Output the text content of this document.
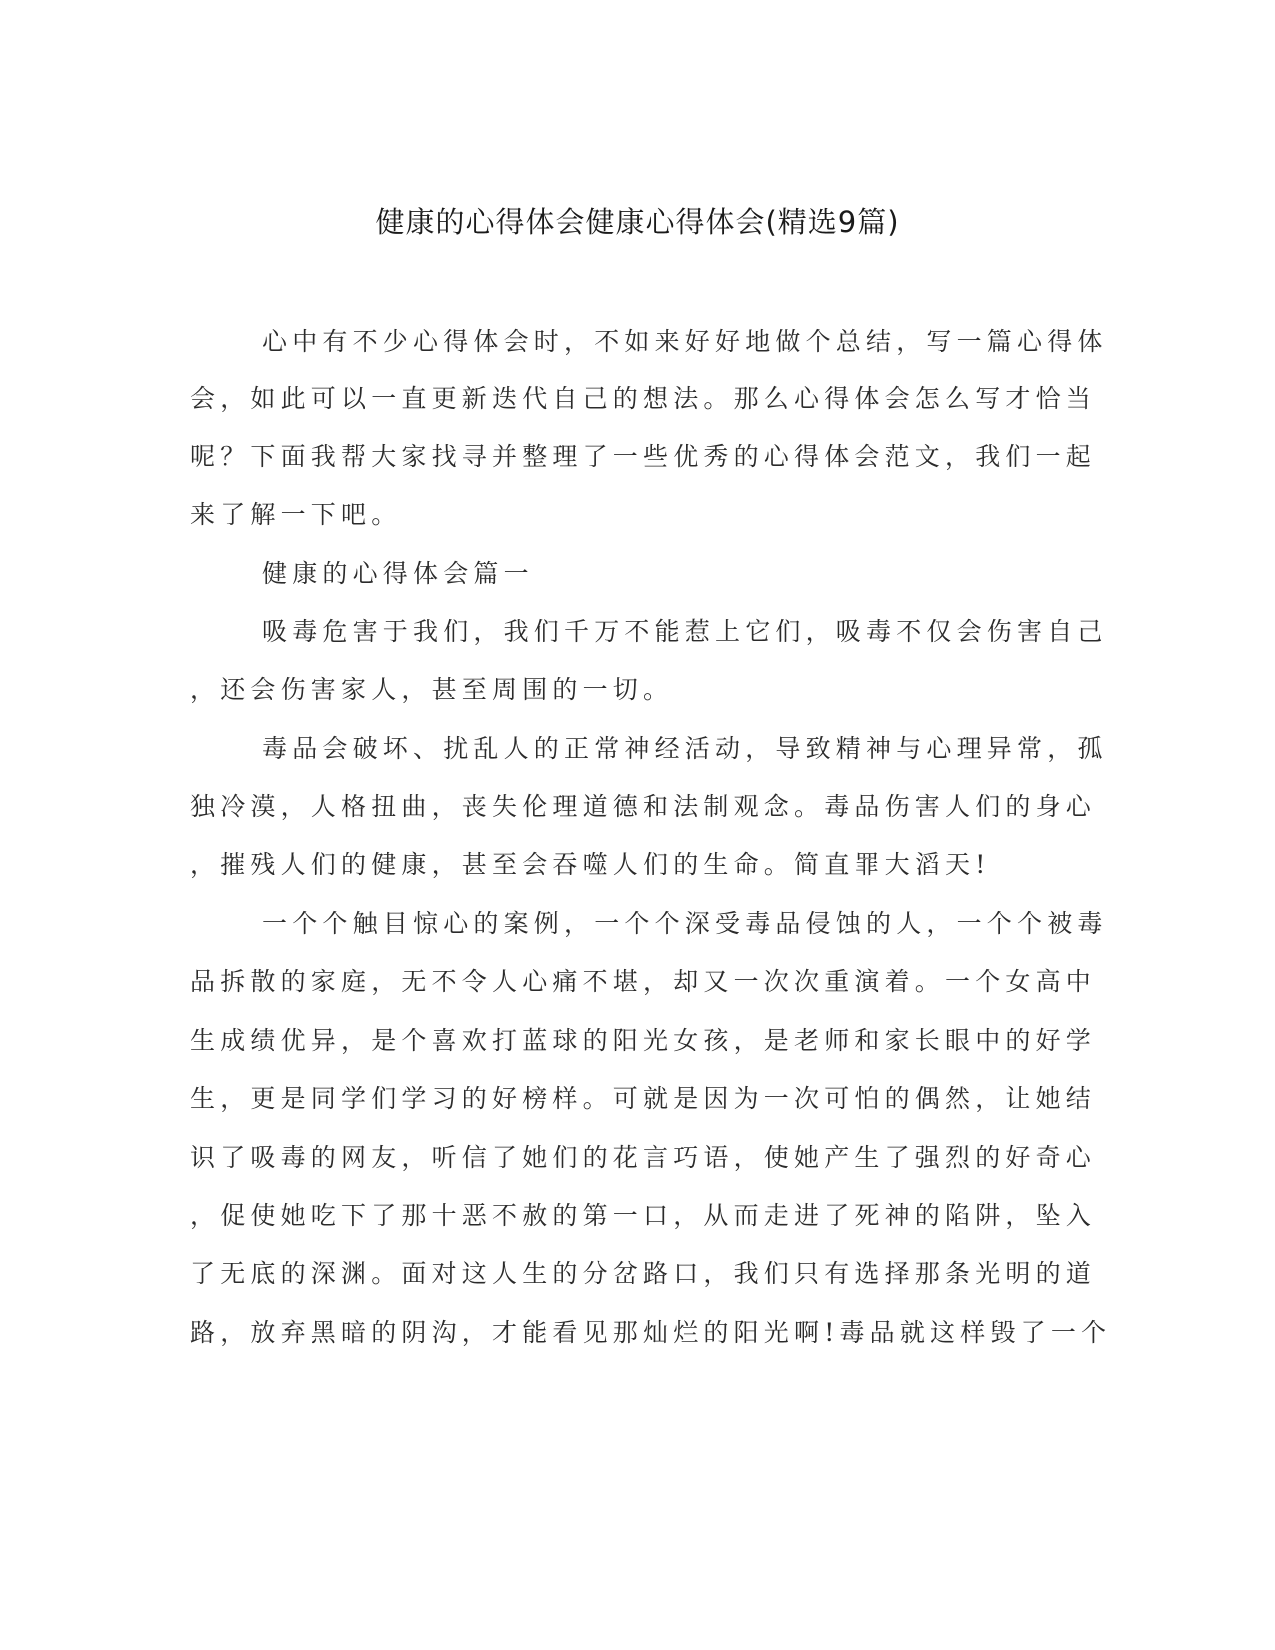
健康的心得体会健康心得体会(精选9篇)
心中有不少心得体会时，不如来好好地做个总结，写一篇心得体
会，如此可以一直更新迭代自己的想法。那么心得体会怎么写才恰当
呢？下面我帮大家找寻并整理了一些优秀的心得体会范文，我们一起
来了解一下吧。
健康的心得体会篇一
吸毒危害于我们，我们千万不能惹上它们，吸毒不仅会伤害自己
，还会伤害家人，甚至周围的一切。
毒品会破坏、扰乱人的正常神经活动，导致精神与心理异常，孤
独冷漠，人格扭曲，丧失伦理道德和法制观念。毒品伤害人们的身心
，摧残人们的健康，甚至会吞噬人们的生命。简直罪大滔天!
一个个触目惊心的案例，一个个深受毒品侵蚀的人，一个个被毒
品拆散的家庭，无不令人心痛不堪，却又一次次重演着。一个女高中
生成绩优异，是个喜欢打蓝球的阳光女孩，是老师和家长眼中的好学
生，更是同学们学习的好榜样。可就是因为一次可怕的偶然，让她结
识了吸毒的网友，听信了她们的花言巧语，使她产生了强烈的好奇心
，促使她吃下了那十恶不赦的第一口，从而走进了死神的陷阱，坠入
了无底的深渊。面对这人生的分岔路口，我们只有选择那条光明的道
路，放弃黑暗的阴沟，才能看见那灿烂的阳光啊!毒品就这样毁了一个
